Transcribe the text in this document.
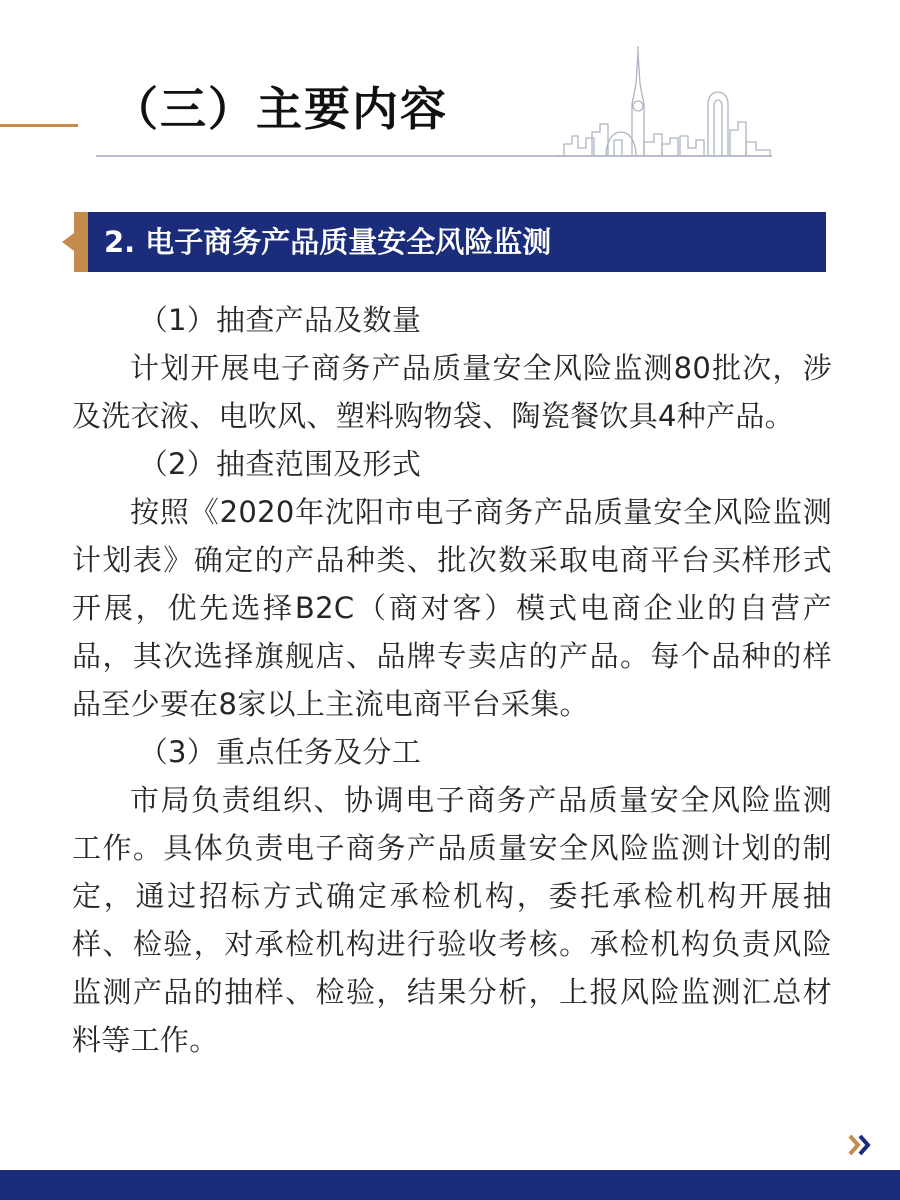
（三）主要内容
2. 电子商务产品质量安全风险监测

（1）抽查产品及数量

计划开展电子商务产品质量安全风险监测80批次，涉及洗衣液、电吹风、塑料购物袋、陶瓷餐饮具4种产品。

（2）抽查范围及形式

按照《2020年沈阳市电子商务产品质量安全风险监测计划表》确定的产品种类、批次数采取电商平台买样形式开展，优先选择B2C（商对客）模式电商企业的自营产品，其次选择旗舰店、品牌专卖店的产品。每个品种的样品至少要在8家以上主流电商平台采集。

（3）重点任务及分工

市局负责组织、协调电子商务产品质量安全风险监测工作。具体负责电子商务产品质量安全风险监测计划的制定，通过招标方式确定承检机构，委托承检机构开展抽样、检验，对承检机构进行验收考核。承检机构负责风险监测产品的抽样、检验，结果分析，上报风险监测汇总材料等工作。
